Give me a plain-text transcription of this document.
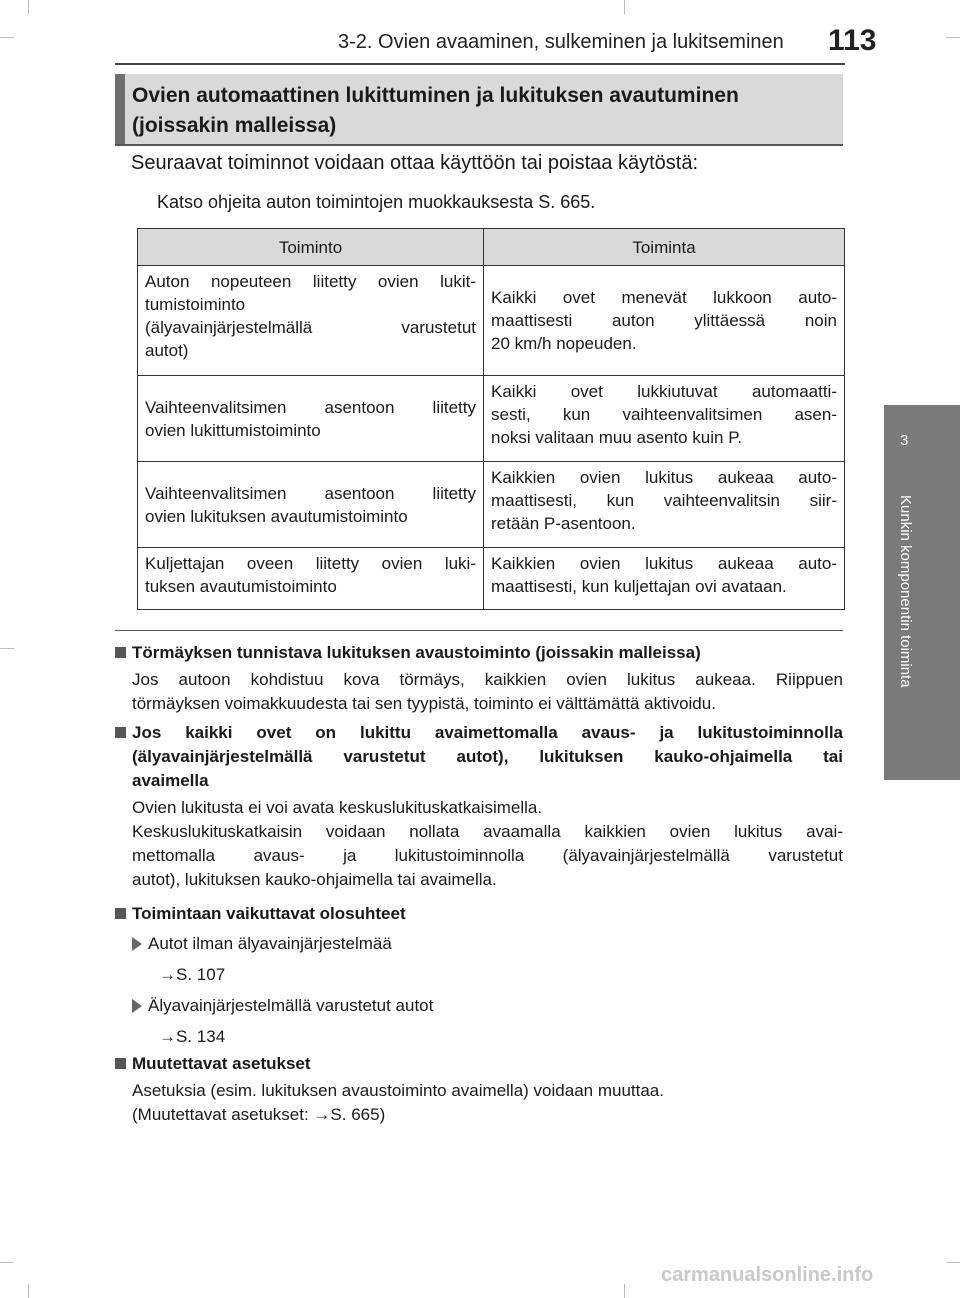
3-2. Ovien avaaminen, sulkeminen ja lukitseminen 113
3
Kunkin komponentin toiminta
Ovien automaattinen lukittuminen ja lukituksen avautuminen
(joissakin malleissa)
Seuraavat toiminnot voidaan ottaa käyttöön tai poistaa käytöstä:
Katso ohjeita auton toimintojen muokkauksesta S. 665.
Toiminto	Toiminta

Auton nopeuteen liitetty ovien lukit-
tumistoiminto
(älyavainjärjestelmällä varustetut
autot)	Kaikki ovet menevät lukkoon auto-
maattisesti auton ylittäessä noin
20 km/h nopeuden.

Vaihteenvalitsimen asentoon liitetty
ovien lukittumistoiminto	Kaikki ovet lukkiutuvat automaatti-
sesti, kun vaihteenvalitsimen asen-
noksi valitaan muu asento kuin P.

Vaihteenvalitsimen asentoon liitetty
ovien lukituksen avautumistoiminto	Kaikkien ovien lukitus aukeaa auto-
maattisesti, kun vaihteenvalitsin siir-
retään P-asentoon.

Kuljettajan oveen liitetty ovien luki-
tuksen avautumistoiminto	Kaikkien ovien lukitus aukeaa auto-
maattisesti, kun kuljettajan ovi avataan.
Törmäyksen tunnistava lukituksen avaustoiminto (joissakin malleissa)
Jos autoon kohdistuu kova törmäys, kaikkien ovien lukitus aukeaa. Riippuen
törmäyksen voimakkuudesta tai sen tyypistä, toiminto ei välttämättä aktivoidu.
Jos kaikki ovet on lukittu avaimettomalla avaus- ja lukitustoiminnolla
(älyavainjärjestelmällä varustetut autot), lukituksen kauko-ohjaimella tai
avaimella
Ovien lukitusta ei voi avata keskuslukituskatkaisimella.
Keskuslukituskatkaisin voidaan nollata avaamalla kaikkien ovien lukitus avai-
mettomalla avaus- ja lukitustoiminnolla (älyavainjärjestelmällä varustetut
autot), lukituksen kauko-ohjaimella tai avaimella.
Toimintaan vaikuttavat olosuhteet
Autot ilman älyavainjärjestelmää
→S. 107
Älyavainjärjestelmällä varustetut autot
→S. 134
Muutettavat asetukset
Asetuksia (esim. lukituksen avaustoiminto avaimella) voidaan muuttaa.
(Muutettavat asetukset: →S. 665)
carmanualsonline.info
